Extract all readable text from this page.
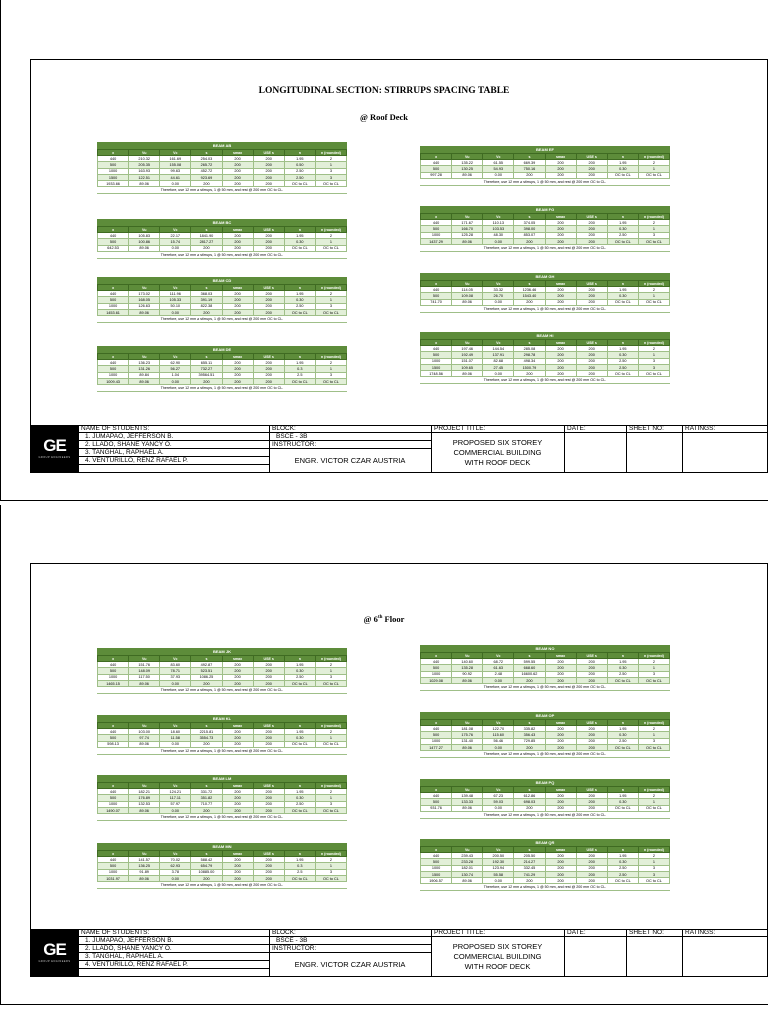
LONGITUDINAL SECTION: STIRRUPS SPACING TABLE
@ Roof Deck
@ 6th Floor
BEAM AB
x	Vu	Vc	s	smax	USE s	n	n (rounded)
440	210.32	161.69	254.03	200	200	1.95	2
500	205.35	155.08	265.72	200	200	0.50	1
1000	163.93	99.63	452.72	200	200	2.50	3
1500	122.51	44.61	923.69	200	200	2.50	3
1933.66	89.06	0.00	200	200	200	OC to CL	OC to CL
Therefore, use 12 mm ⌀ stirrups, 1 @ 50 mm, and rest @ 200 mm OC to CL.
BEAM BC
x	Vu	Vc	s	smax	USE s	n	n (rounded)
440	105.83	22.17	1841.90	200	200	1.95	2
500	100.86	15.74	2817.27	200	200	0.30	1
642.53	89.06	0.00	200	200	200	OC to CL	OC to CL
Therefore, use 12 mm ⌀ stirrups, 1 @ 50 mm, and rest @ 200 mm OC to CL.
BEAM CD
x	Vu	Vc	s	smax	USE s	n	n (rounded)
440	173.02	111.96	368.03	200	200	1.95	2
500	168.05	105.33	391.19	200	200	0.30	1
1000	126.63	50.10	822.38	200	200	2.50	3
1453.61	89.06	0.00	200	200	200	OC to CL	OC to CL
Therefore, use 12 mm ⌀ stirrups, 1 @ 50 mm, and rest @ 200 mm OC to CL.
BEAM DE
x	Vu	Vc	s	smax	USE s	n	n (rounded)
440	136.23	62.90	655.11	200	200	1.95	2
500	131.26	56.27	732.27	200	200	0.3	1
1000	89.84	1.04	39564.51	200	200	2.5	3
1009.43	89.06	0.00	200	200	200	OC to CL	OC to CL
Therefore, use 12 mm ⌀ stirrups, 1 @ 50 mm, and rest @ 200 mm OC to CL.
BEAM EF
x	Vu	Vc	s	smax	USE s	n	n (rounded)
440	135.22	61.55	669.39	200	200	1.95	2
500	130.25	54.93	750.16	200	200	0.30	1
997.28	89.06	0.00	200	200	200	OC to CL	OC to CL
Therefore, use 12 mm ⌀ stirrups, 1 @ 50 mm, and rest @ 200 mm OC to CL.
BEAM FG
x	Vu	Vc	s	smax	USE s	n	n (rounded)
440	171.67	110.13	374.05	200	200	1.95	2
500	166.70	103.53	398.00	200	200	0.30	1
1000	125.28	48.30	853.07	200	200	2.50	3
1437.29	89.06	0.00	200	200	200	OC to CL	OC to CL
Therefore, use 12 mm ⌀ stirrups, 1 @ 50 mm, and rest @ 200 mm OC to CL.
BEAM GH
x	Vu	Vc	s	smax	USE s	n	n (rounded)
440	114.05	33.32	1236.46	200	200	1.95	2
500	109.08	26.70	1543.40	200	200	0.30	1
741.70	89.06	0.00	200	200	200	OC to CL	OC to CL
Therefore, use 12 mm ⌀ stirrups, 1 @ 50 mm, and rest @ 200 mm OC to CL.
BEAM HI
x	Vu	Vc	s	smax	USE s	n	n (rounded)
440	197.46	144.54	285.08	200	200	1.95	2
500	192.49	137.91	298.78	200	200	0.30	1
1000	151.07	82.68	498.34	200	200	2.50	3
1500	109.65	27.45	1500.79	200	200	2.50	3
1748.56	89.06	0.00	200	200	200	OC to CL	OC to CL
Therefore, use 12 mm ⌀ stirrups, 1 @ 50 mm, and rest @ 200 mm OC to CL.
BEAM JK
x	Vu	Vc	s	smax	USE s	n	n (rounded)
440	151.76	83.60	492.87	200	200	1.95	2
500	148.09	78.71	523.51	200	200	0.30	1
1000	117.50	37.93	1086.25	200	200	2.50	3
1465.15	89.06	0.00	200	200	200	OC to CL	OC to CL
Therefore, use 12 mm ⌀ stirrups, 1 @ 50 mm, and rest @ 200 mm OC to CL.
BEAM KL
x	Vu	Vc	s	smax	USE s	n	n (rounded)
440	103.00	18.60	2215.81	200	200	1.95	2
500	97.74	11.58	3554.73	200	200	0.30	1
598.13	89.06	0.00	200	200	200	OC to CL	OC to CL
Therefore, use 12 mm ⌀ stirrups, 1 @ 50 mm, and rest @ 200 mm OC to CL.
BEAM LM
x	Vu	Vc	s	smax	USE s	n	n (rounded)
440	182.21	124.21	331.72	200	200	1.95	2
500	176.89	117.11	351.82	200	200	0.30	1
1000	132.53	57.97	710.77	200	200	2.50	3
1490.07	89.06	0.00	200	200	200	OC to CL	OC to CL
Therefore, use 12 mm ⌀ stirrups, 1 @ 50 mm, and rest @ 200 mm OC to CL.
BEAM MN
x	Vu	Vc	s	smax	USE s	n	n (rounded)
440	141.57	70.02	588.42	200	200	1.95	2
500	136.25	62.93	654.79	200	200	0.3	1
1000	91.89	3.78	10885.00	200	200	2.5	3
1031.97	89.06	0.00	200	200	200	OC to CL	OC to CL
Therefore, use 12 mm ⌀ stirrups, 1 @ 50 mm, and rest @ 200 mm OC to CL.
BEAM NO
x	Vu	Vc	s	smax	USE s	n	n (rounded)
440	140.60	68.72	599.55	200	200	1.95	2
500	135.28	61.63	668.60	200	200	0.30	1
1000	90.92	2.48	16600.62	200	200	2.50	3
1029.08	89.06	0.00	200	200	200	OC to CL	OC to CL
Therefore, use 12 mm ⌀ stirrups, 1 @ 50 mm, and rest @ 200 mm OC to CL.
BEAM OP
x	Vu	Vc	s	smax	USE s	n	n (rounded)
440	181.08	122.70	335.82	200	200	1.95	2
500	175.76	115.60	356.43	200	200	0.30	1
1000	131.40	56.46	729.85	200	200	2.50	3
1477.27	89.06	0.00	200	200	200	OC to CL	OC to CL
Therefore, use 12 mm ⌀ stirrups, 1 @ 50 mm, and rest @ 200 mm OC to CL.
BEAM PQ
x	Vu	Vc	s	smax	USE s	n	n (rounded)
440	139.48	67.23	612.86	200	200	1.95	2
500	133.33	59.03	698.03	200	200	0.30	1
931.76	89.06	0.00	200	200	200	OC to CL	OC to CL
Therefore, use 12 mm ⌀ stirrups, 1 @ 50 mm, and rest @ 200 mm OC to CL.
BEAM QR
x	Vu	Vc	s	smax	USE s	n	n (rounded)
440	239.43	200.50	205.50	200	200	1.95	2
500	233.28	192.30	214.27	200	200	0.30	1
1000	182.01	123.94	332.45	200	200	2.50	3
1500	130.74	55.58	741.29	200	200	2.50	3
1906.57	89.06	0.00	200	200	200	OC to CL	OC to CL
Therefore, use 12 mm ⌀ stirrups, 1 @ 50 mm, and rest @ 200 mm OC to CL.
GE
GROUP ENGINEERS
NAME OF STUDENTS:
1. JUMAPAO, JEFFERSON B.
2. LLADO, SHANE YANCY O.
3. TANGHAL, RAPHAEL A.
4. VENTURILLO, RENZ RAFAEL P.
BLOCK:
BSCE - 3B
INSTRUCTOR:
ENGR. VICTOR CZAR AUSTRIA
PROJECT TITLE:
PROPOSED SIX STOREY
COMMERCIAL BUILDING
WITH ROOF DECK
DATE:	SHEET NO:	RATINGS:
GE
GROUP ENGINEERS
NAME OF STUDENTS:
1. JUMAPAO, JEFFERSON B.
2. LLADO, SHANE YANCY O.
3. TANGHAL, RAPHAEL A.
4. VENTURILLO, RENZ RAFAEL P.
BLOCK:
BSCE - 3B
INSTRUCTOR:
ENGR. VICTOR CZAR AUSTRIA
PROJECT TITLE:
PROPOSED SIX STOREY
COMMERCIAL BUILDING
WITH ROOF DECK
DATE:	SHEET NO:	RATINGS:
